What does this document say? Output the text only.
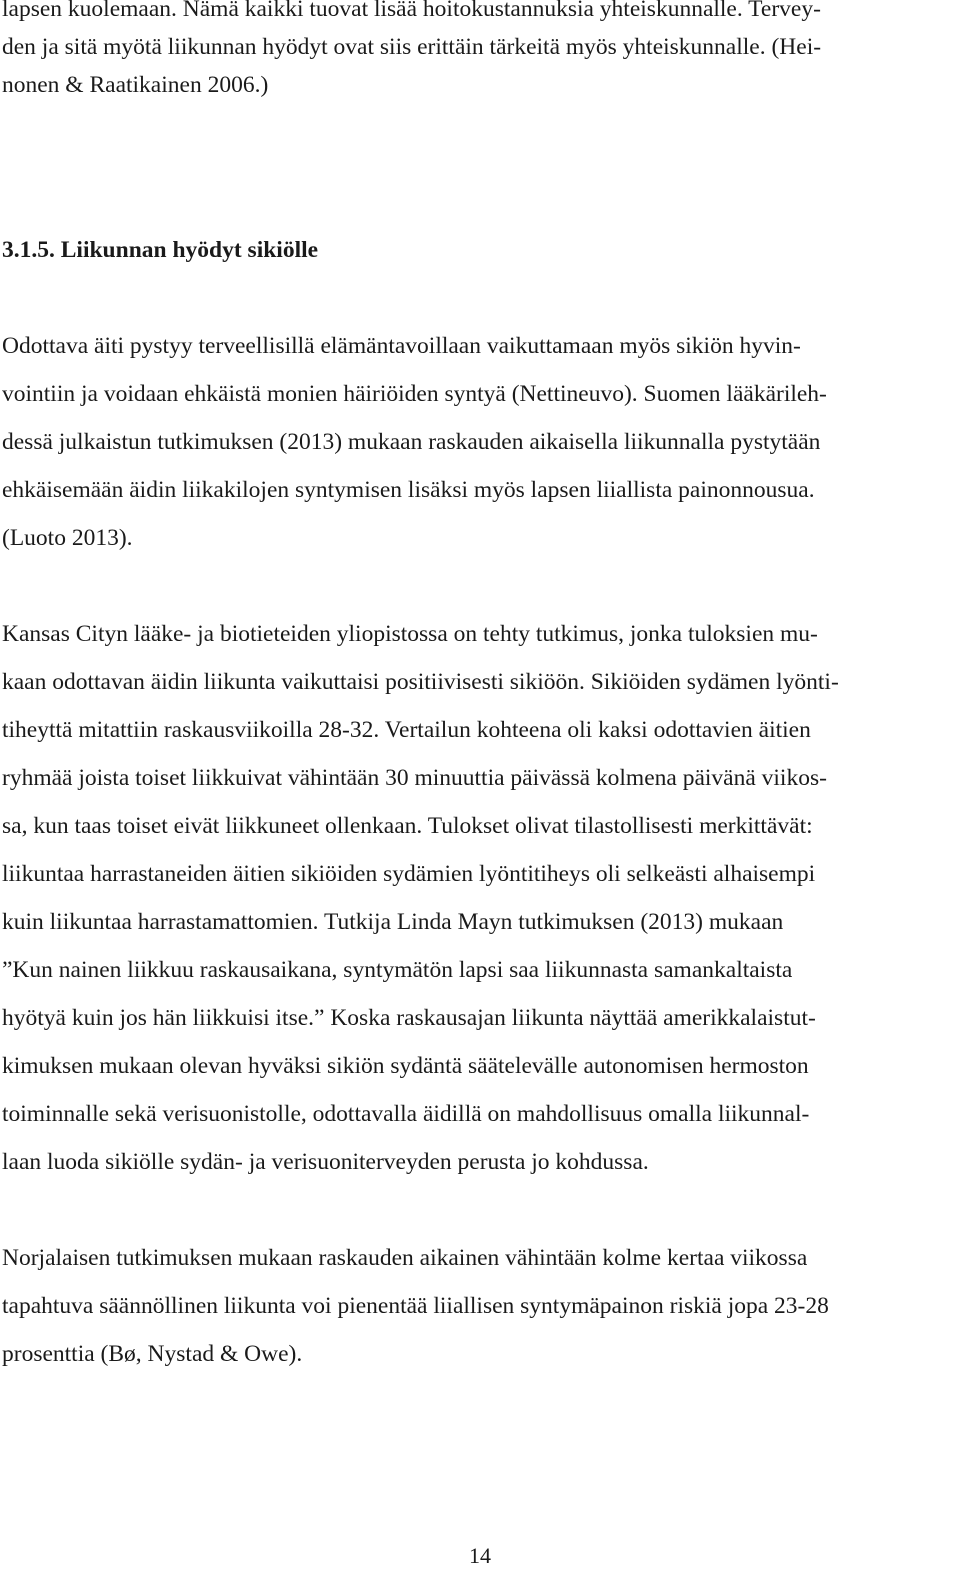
lapsen kuolemaan. Nämä kaikki tuovat lisää hoitokustannuksia yhteiskunnalle. Tervey-
den ja sitä myötä liikunnan hyödyt ovat siis erittäin tärkeitä myös yhteiskunnalle. (Hei-
nonen & Raatikainen 2006.)
3.1.5. Liikunnan hyödyt sikiölle
Odottava äiti pystyy terveellisillä elämäntavoillaan vaikuttamaan myös sikiön hyvin-
vointiin ja voidaan ehkäistä monien häiriöiden syntyä (Nettineuvo). Suomen lääkärileh-
dessä julkaistun tutkimuksen (2013) mukaan raskauden aikaisella liikunnalla pystytään
ehkäisemään äidin liikakilojen syntymisen lisäksi myös lapsen liiallista painonnousua.
(Luoto 2013).
Kansas Cityn lääke- ja biotieteiden yliopistossa on tehty tutkimus, jonka tuloksien mu-
kaan odottavan äidin liikunta vaikuttaisi positiivisesti sikiöön. Sikiöiden sydämen lyönti-
tiheyttä mitattiin raskausviikoilla 28-32. Vertailun kohteena oli kaksi odottavien äitien
ryhmää joista toiset liikkuivat vähintään 30 minuuttia päivässä kolmena päivänä viikos-
sa, kun taas toiset eivät liikkuneet ollenkaan. Tulokset olivat tilastollisesti merkittävät:
liikuntaa harrastaneiden äitien sikiöiden sydämien lyöntitiheys oli selkeästi alhaisempi
kuin liikuntaa harrastamattomien. Tutkija Linda Mayn tutkimuksen (2013) mukaan
”Kun nainen liikkuu raskausaikana, syntymätön lapsi saa liikunnasta samankaltaista
hyötyä kuin jos hän liikkuisi itse.” Koska raskausajan liikunta näyttää amerikkalaistut-
kimuksen mukaan olevan hyväksi sikiön sydäntä säätelevälle autonomisen hermoston
toiminnalle sekä verisuonistolle, odottavalla äidillä on mahdollisuus omalla liikunnal-
laan luoda sikiölle sydän- ja verisuoniterveyden perusta jo kohdussa.
Norjalaisen tutkimuksen mukaan raskauden aikainen vähintään kolme kertaa viikossa
tapahtuva säännöllinen liikunta voi pienentää liiallisen syntymäpainon riskiä jopa 23-28
prosenttia (Bø, Nystad & Owe).
14
